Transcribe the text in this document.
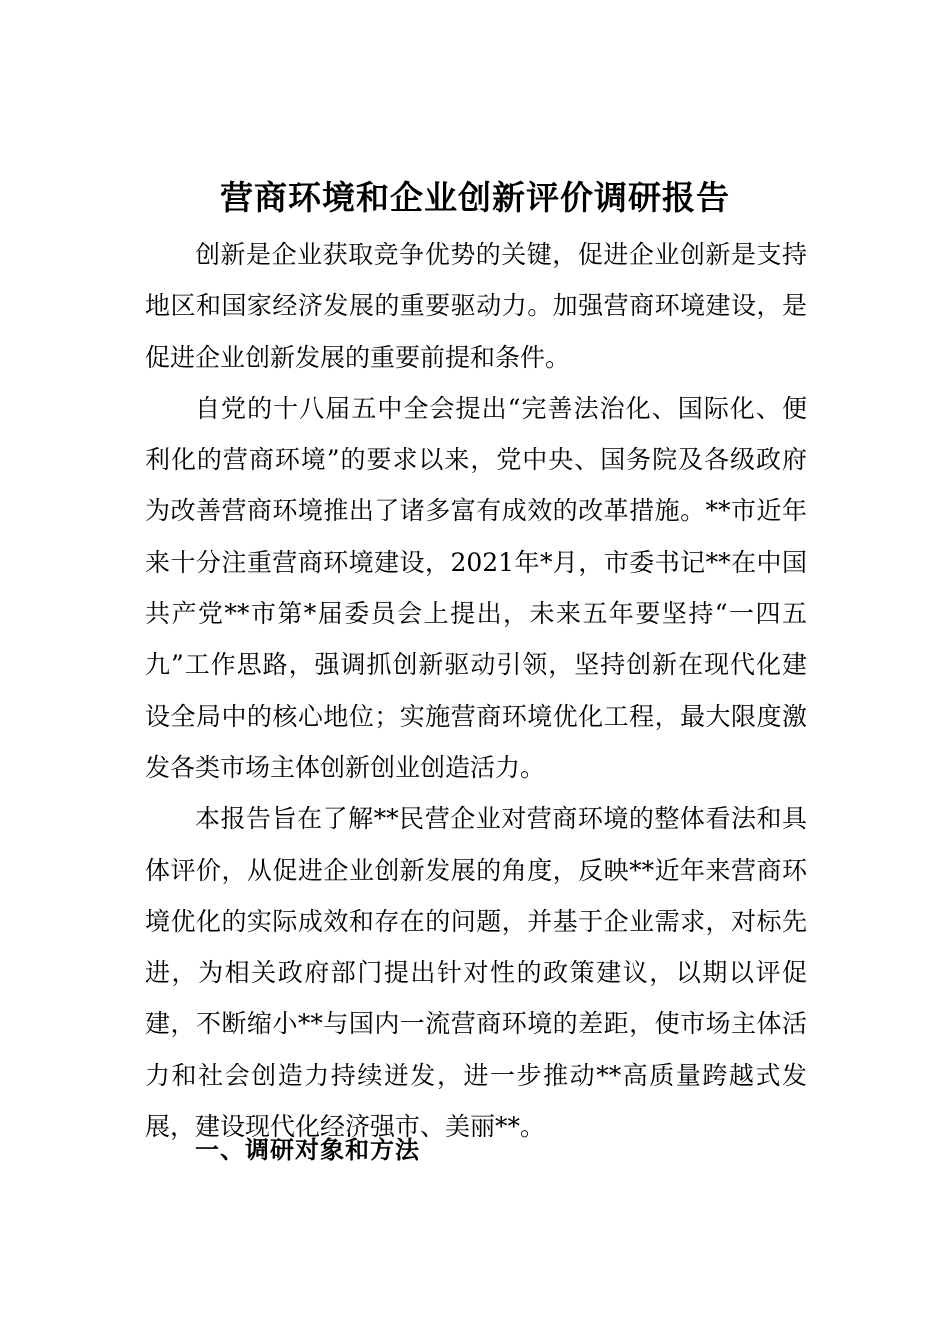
营商环境和企业创新评价调研报告

创新是企业获取竞争优势的关键，促进企业创新是支持地区和国家经济发展的重要驱动力。加强营商环境建设，是促进企业创新发展的重要前提和条件。

自党的十八届五中全会提出“完善法治化、国际化、便利化的营商环境”的要求以来，党中央、国务院及各级政府为改善营商环境推出了诸多富有成效的改革措施。**市近年来十分注重营商环境建设，2021年*月，市委书记**在中国共产党**市第*届委员会上提出，未来五年要坚持“一四五九”工作思路，强调抓创新驱动引领，坚持创新在现代化建设全局中的核心地位；实施营商环境优化工程，最大限度激发各类市场主体创新创业创造活力。

本报告旨在了解**民营企业对营商环境的整体看法和具体评价，从促进企业创新发展的角度，反映**近年来营商环境优化的实际成效和存在的问题，并基于企业需求，对标先进，为相关政府部门提出针对性的政策建议，以期以评促建，不断缩小**与国内一流营商环境的差距，使市场主体活力和社会创造力持续迸发，进一步推动**高质量跨越式发展，建设现代化经济强市、美丽**。

一、调研对象和方法
